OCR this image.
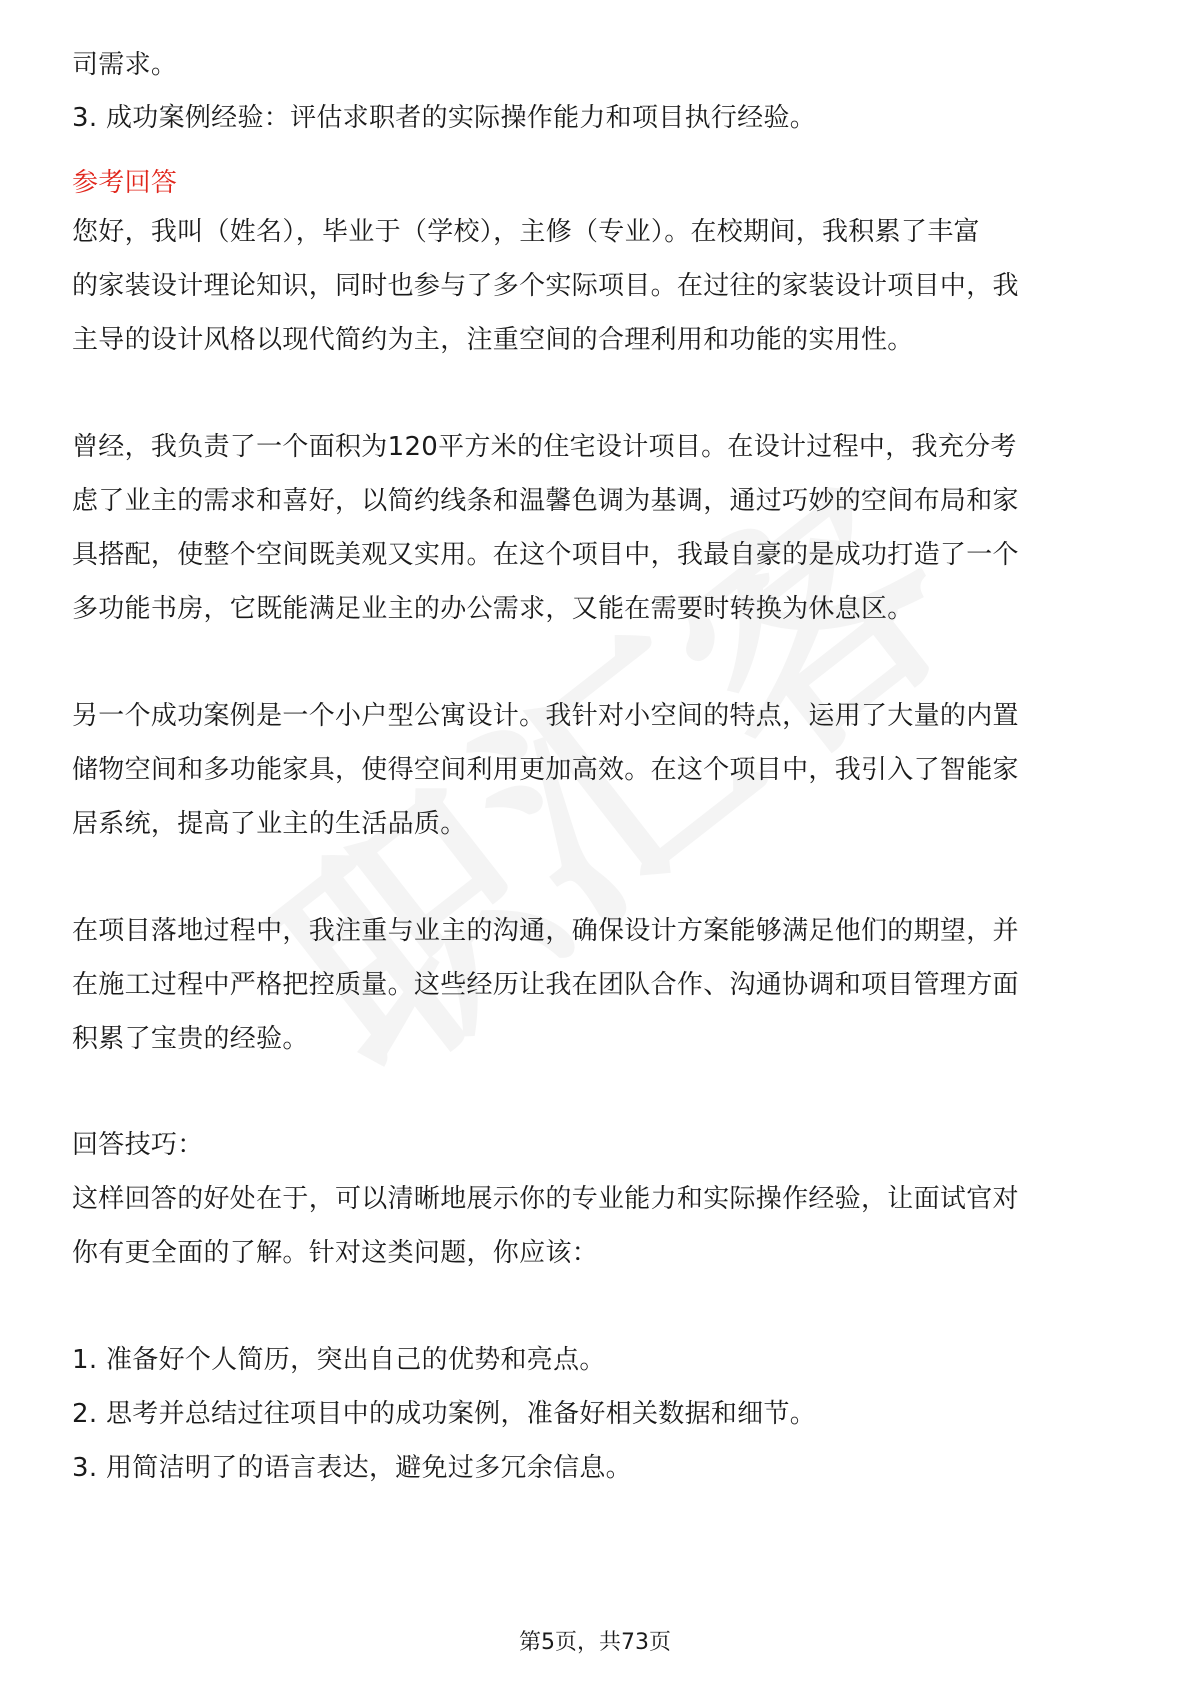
司需求。
3. 成功案例经验：评估求职者的实际操作能力和项目执行经验。
参考回答
您好，我叫（姓名），毕业于（学校），主修（专业）。在校期间，我积累了丰富
的家装设计理论知识，同时也参与了多个实际项目。在过往的家装设计项目中，我
主导的设计风格以现代简约为主，注重空间的合理利用和功能的实用性。
曾经，我负责了一个面积为120平方米的住宅设计项目。在设计过程中，我充分考
虑了业主的需求和喜好，以简约线条和温馨色调为基调，通过巧妙的空间布局和家
具搭配，使整个空间既美观又实用。在这个项目中，我最自豪的是成功打造了一个
多功能书房，它既能满足业主的办公需求，又能在需要时转换为休息区。
另一个成功案例是一个小户型公寓设计。我针对小空间的特点，运用了大量的内置
储物空间和多功能家具，使得空间利用更加高效。在这个项目中，我引入了智能家
居系统，提高了业主的生活品质。
在项目落地过程中，我注重与业主的沟通，确保设计方案能够满足他们的期望，并
在施工过程中严格把控质量。这些经历让我在团队合作、沟通协调和项目管理方面
积累了宝贵的经验。
回答技巧：
这样回答的好处在于，可以清晰地展示你的专业能力和实际操作经验，让面试官对
你有更全面的了解。针对这类问题，你应该：
1. 准备好个人简历，突出自己的优势和亮点。
2. 思考并总结过往项目中的成功案例，准备好相关数据和细节。
3. 用简洁明了的语言表达，避免过多冗余信息。
第5页，共73页
